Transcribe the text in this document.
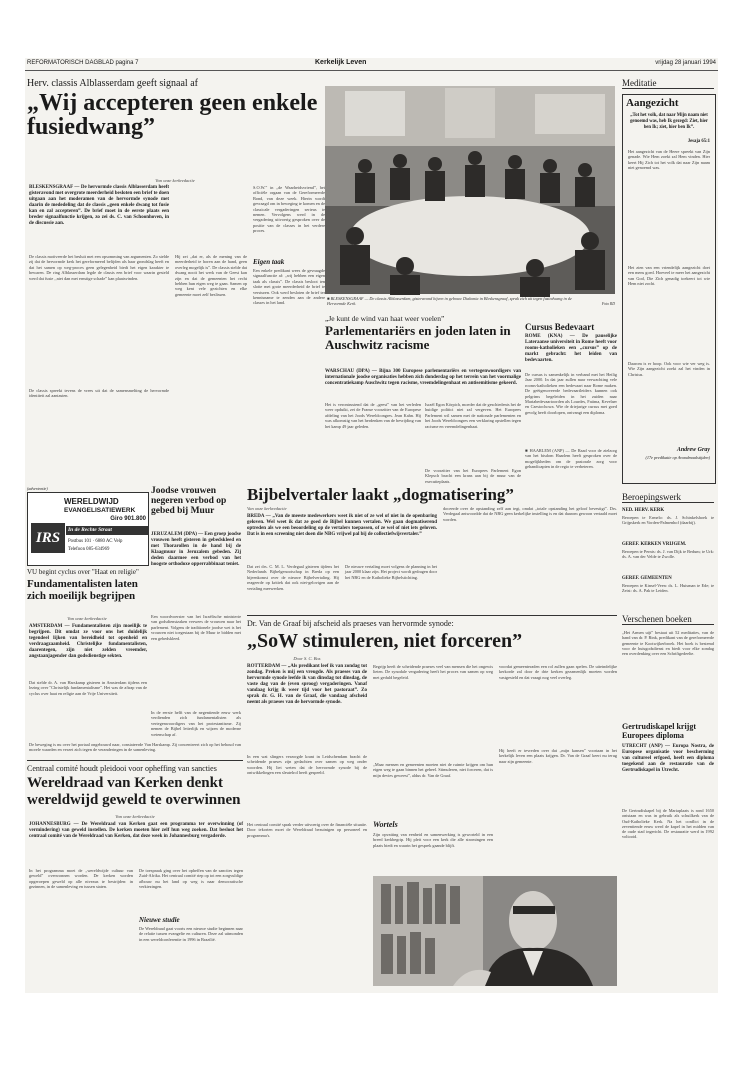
REFORMATORISCH DAGBLAD pagina 7	Kerkelijk Leven	vrijdag 28 januari 1994
Herv. classis Alblasserdam geeft signaal af
„Wij accepteren geen enkele fusiedwang”
Van onze kerkredactie
BLESKENSGRAAF — De hervormde classis Alblasserdam heeft gisteravond met overgrote meerderheid besloten een brief te doen uitgaan aan het moderamen van de hervormde synode met daarin de mededeling dat de classis „geen enkele dwang tot fusie kan en zal accepteren”. De brief moet in de eerste plaats een breder signaalfunctie krijgen, zo zei ds. C. van Schoonhoven, in de discussie aan.
De classis motiveerde het besluit met een opsomming van argumenten. Zo stelde zij dat de hervormde kerk het gereformeerd belijden als haar grondslag heeft en dat het samen op weg-proces geen gelegenheid biedt het eigen karakter te bewaren. De ring Alblasserdam legde de classis een brief voor waarin gesteld werd dat fusie ,,niet dan met ernstige schade” kan plaatsvinden.
De classis spreekt tevens de vrees uit dat de samensmelting de hervormde identiteit zal aantasten.
Hij zei „dat er, als de mening van de meerderheid te horen aan de hand, geen overleg mogelijk is”. De classis stelde dat dwang nooit het werk van de Geest kan zijn en dat de gemeenten het recht hebben hun eigen weg te gaan. Samen op weg kent vele gezichten en elke gemeente moet zelf beslissen.
S.O.W.” in „de Waarheidsvriend”, het officiële orgaan van de Gereformeerde Bond, van deze week. Hierin wordt gevraagd om in beweging te komen en de classicale vergaderingen serieus te nemen. Vervolgens werd in de vergadering uitvoerig gesproken over de positie van de classes in het verdere proces.
Eigen taak
Een enkele predikant wees de gevraagde signaalfunctie af: „wij hebben een eigen taak als classis”. De classis besloot ten slotte met grote meerderheid de brief te versturen. Ook werd besloten de brief ter kennisname te zenden aan de andere classes in het land.
■ BLESKENSGRAAF — De classis Alblasserdam, gisteravond bijeen in gebouw Diakonia in Bleskensgraaf, sprak zich uit tegen fusiedwang in de Hervormde Kerk.	Foto RD
„Je kunt de wind van haat weer voelen”
Parlementariërs en joden laten in Auschwitz racisme
WARSCHAU (DPA) — Bijna 300 Europese parlementariërs en vertegenwoordigers van internationale joodse organisaties hebben zich donderdag op het terrein van het voormalige concentratiekamp Auschwitz tegen racisme, vreemdelingenhaat en antisemitisme gekeerd.
Het is verontrustend dat de „geest” van het verleden weer opduikt, zei de Franse voorzitter van de Europese afdeling van het Joods Wereldcongres. Jean Kahn. Hij was afkomstig van het herdenken van de bevrijding van het kamp 49 jaar geleden.
Israël Egon Körpich, moeder dat de geschiedenis het de huidige politici niet zal vergeven. Het Europees Parlement wil samen met de nationale parlementen en het Joods Wereldcongres een verklaring opstellen tegen racisme en vreemdelingenhaat.
De voorzitter van het Europees Parlement Egon Klepsch bracht een krans aan bij de muur van de executieplaats.
Cursus Bedevaart
ROME (KNA) — De pauselijke Lateraanse universiteit in Rome heeft voor rooms-katholieken een „cursus” op de markt gebracht: het leiden van bedevaarten.
De cursus is samenkelijk in verband met het Heilig Jaar 2000. In dat jaar zullen naar verwachting vele rooms-katholieken een bedevaart naar Rome maken. De geëigenoveerde bedevaartleiders kunnen ook pelgrims begeleiden in het zuiden naar Mariabedevaartoorden als Lourdes, Fatima, Kevelaer en Czestochowa. Wie de driejarige cursus met goed gevolg heeft doorlopen, ontvangt een diploma.
■ HAARLEM (ANP) — De Raad voor de zielzorg van het bisdom Haarlem heeft gesproken over de mogelijkheden om de pastorale zorg voor gehandicapten in de regio te verbeteren.
Meditatie
Aangezicht
„Tot het volk, dat naar Mijn naam niet genoemd was, heb Ik gezegd: Ziet, hier ben Ik; ziet, hier ben Ik”.
Jesaja 65:1
Het aangezicht van de Heere spreekt van Zijn genade. Wie Hem zoekt zal Hem vinden. Hier keert Hij Zich tot het volk dat naar Zijn naam niet genoemd was.
Het zien van een vriendelijk aangezicht doet een mens goed. Hoeveel te meer het aangezicht van God, Die Zich genadig toekeert tot wie Hem niet zocht.
Daarom is er hoop. Ook voor wie ver weg is. Wie Zijn aangezicht zoekt zal het vinden in Christus.
Andrew Gray
(17e predikatie op Avondmaalstijden)
Beroepingswerk
NED. HERV. KERK
Beroepen te Ermelo: ds. J. Schinkelshoek te Grijpskerk en Vorden-Palmenhof (daarbij).
GEREF. KERKEN VRIJGEM.
Beroepen te Pernis: ds. J. van Dijk te Bedum; te Urk: ds. A. van der Velde te Zwolle.
GEREF. GEMEENTEN
Beroepen te Kinsel-Veen: ds. L. Huisman te Ede; te Zeist: ds. A. Pak te Leiden.
Verschenen boeken
„Het Armen uijt” bestaat uit 52 meditaties, van de hand van dr. P. Rink, predikant van de gereformeerde gemeente te Kootwijkerbroek. Het boek is bestemd voor de huisgodsdienst en biedt voor elke zondag een overdenking over een Schriftgedeelte.
Gertrudiskapel krijgt Europees diploma
UTRECHT (ANP) — Europa Nostra, de Europese organisatie voor bescherming van cultureel erfgoed, heeft een diploma toegekend aan de restauratie van de Gertrudiskapel in Utrecht.
De Gertrudiskapel bij de Mariaplaats is rond 1650 ontstaan en was in gebruik als schuilkerk van de Oud-Katholieke Kerk. Na het conflict in de zeventiende eeuw werd de kapel in het midden van de oude stad ingericht. De restauratie werd in 1992 voltooid.
(advertentie)
WERELDWIJD
EVANGELISATIEWERK
Giro 901.800
IRS	In de Rechte Straat
Postbus 101 · 6880 AC Velp
Telefoon 085-634969
Joodse vrouwen negeren verbod op gebed bij Muur
JERUZALEM (DPA) — Een groep joodse vrouwen heeft gisteren in gebedskleed en met Thorarollen in de hand bij de Klaagmuur in Jeruzalem gebeden. Zij deden daarmee een verbod van het hoogste orthodoxe opperrabbinaat teniet.
Een woordvoerster van het Israëlische ministerie van godsdienstzaken verwees de vrouwen naar het parlement. Volgens de traditionele joodse wet is het vrouwen niet toegestaan bij de Muur te bidden met een gebedskleed.
VU begint cyclus over "Haat en religie"
Fundamentalisten laten zich moeilijk begrijpen
Van onze kerkredactie
AMSTERDAM — Fundamentalisten zijn moeilijk te begrijpen. Dit omdat ze voor ons het duidelijk tegendeel lijken van bereidheid tot openheid en verdraagzaamheid. Christelijke fundamentalisten, daarentegen, zijn niet zelden vreemder, angstaanjagender dan godsdienstige sekten.
Dat stelde dr. A. van Harskamp gisteren in Amsterdam tijdens een lezing over "Christelijk fundamentalisme". Het was de aftrap van de cyclus over haat en religie aan de Vrije Universiteit.
In de eerste helft van de negentiende eeuw werk verdienden zich fundamentalisten als vertegenwoordigers van het protestantisme. Zij nemen de Bijbel letterlijk en wijzen de moderne wetenschap af.
De beweging is nu over het portaal ongebouwd naar, constateerde Van Harskamp. Zij concentreert zich op het behoud van morele waarden en verzet zich tegen de veranderingen in de samenleving.
Bijbelvertaler laakt „dogmatisering”
Van onze kerkredactie
BREDA — „Van de meeste medewerkers weet ik niet of ze wel of niet in de openbaring geloven. Wel weet ik dat ze goed de Bijbel kunnen vertalen. We gaan dogmatiserend optreden als we een beoordeling op de vertalers toepassen, of ze wel of niet iets geloven. Dat is in een screening niet doen die NBG vrijwel pal bij de collectiefwijsvertaler.”
Dat zei drs. C. M. L. Verdegaal gisteren tijdens het Nederlands Bijbelgenootschap in Breda op een bijeenkomst over de nieuwe Bijbelvertaling. Hij reageerde op kritiek dat ook niet-gelovigen aan de vertaling meewerken.
De nieuwe vertaling moet volgens de planning in het jaar 2000 klaar zijn. Het project wordt gedragen door het NBG en de Katholieke Bijbelstichting.
doceerde over de opstanding zelf aan tegt, omdat „totale opstanding het geloof bevestigt”. Drs. Verdegaal antwoordde dat de NBG geen kerkelijke instelling is en dat daarom gewoon vertaald moet worden.
Dr. Van de Graaf bij afscheid als praeses van hervormde synode:
„SoW stimuleren, niet forceren”
Door S. C. Bos
ROTTERDAM — „Als predikant leef ik van zondag tot zondag. Preken is mij een vreugde. Als praeses van de hervormde synode leefde ik van dinsdag tot dinsdag, de vaste dag van de (even sproog) vergaderingen. Vanaf vandaag krijg ik weer tijd voor het pastoraat”. Zo sprak dr. G. H. van de Graaf, die vandaag afscheid neemt als praeses van de hervormde synode.
In een wat slingers verzorgde krant in Leidschendam bracht de scheidende praeses zijn gedachten over samen op weg onder woorden. Hij liet weten dat de hervormde synode bij de ontwikkelingen een sleutelrol heeft gespeeld.
Begrijp heeft de scheidende praeses veel van mensen die het ongewis lieten. De synodale vergadering heeft het proces van samen op weg met geduld begeleid.
„Maar mensen en gemeenten moeten niet de ruimte krijgen om hun eigen weg te gaan binnen het geheel. Stimuleren, niet forceren, dat is mijn devies geweest”, aldus dr. Van de Graaf.
voordat gemeenteraden een rol zullen gaan spelen. De uiteindelijke kerkorde zal door de drie kerken gezamenlijk moeten worden vastgesteld en dat vraagt nog veel overleg.
Hij heeft er tevreden over dat „mijn kansen” voortaan in het kerkelijk leven een plaats krijgen. Dr. Van de Graaf keert nu terug naar zijn gemeente.
Centraal comité houdt pleidooi voor opheffing van sancties
Wereldraad van Kerken denkt wereldwijd geweld te overwinnen
Van onze kerkredactie
JOHANNESBURG — De Wereldraad van Kerken gaat een programma ter overwinning (of vermindering) van geweld instellen. De kerken moeten hier zelf hun weg zoeken. Dat besloot het centraal comité van de Wereldraad van Kerken, dat deze week in Johannesburg vergaderde.
In het programma moet de „wereldwijde cultuur van geweld” overwonnen worden. De kerken worden opgeroepen geweld op alle niveaus te bestrijden: in gezinnen, in de samenleving en tussen staten.
De toespraak ging over het opheffen van de sancties tegen Zuid-Afrika. Het centraal comité riep op tot een zorgvuldige afbouw nu het land op weg is naar democratische verkiezingen.
Nieuwe studie
De Wereldraad gaat voorts een nieuwe studie beginnen naar de relatie tussen evangelie en culturen. Deze zal uitmonden in een wereldconferentie in 1996 in Brazilië.
Het centraal comité sprak verder uitvoerig over de financiële situatie. Door tekorten moet de Wereldraad bezuinigen op personeel en programma's.
Wortels
Zijn opvatting van eenheid en samenwerking is geworteld in een breed kerkbegrip. Hij pleit voor een kerk die alle stromingen een plaats biedt en waarin het gesprek gaande blijft.
